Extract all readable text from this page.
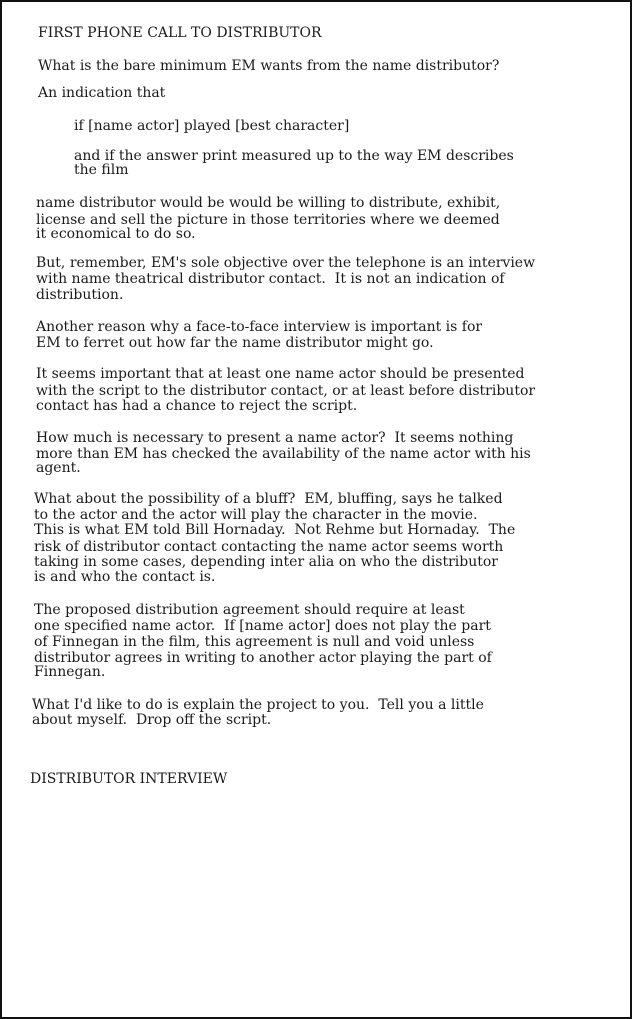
FIRST PHONE CALL TO DISTRIBUTOR
What is the bare minimum EM wants from the name distributor?
An indication that
if [name actor] played [best character]
and if the answer print measured up to the way EM describes
the film
name distributor would be would be willing to distribute, exhibit,
license and sell the picture in those territories where we deemed
it economical to do so.
But, remember, EM's sole objective over the telephone is an interview
with name theatrical distributor contact.  It is not an indication of
distribution.
Another reason why a face-to-face interview is important is for
EM to ferret out how far the name distributor might go.
It seems important that at least one name actor should be presented
with the script to the distributor contact, or at least before distributor
contact has had a chance to reject the script.
How much is necessary to present a name actor?  It seems nothing
more than EM has checked the availability of the name actor with his
agent.
What about the possibility of a bluff?  EM, bluffing, says he talked
to the actor and the actor will play the character in the movie.
This is what EM told Bill Hornaday.  Not Rehme but Hornaday.  The
risk of distributor contact contacting the name actor seems worth
taking in some cases, depending inter alia on who the distributor
is and who the contact is.
The proposed distribution agreement should require at least
one specified name actor.  If [name actor] does not play the part
of Finnegan in the film, this agreement is null and void unless
distributor agrees in writing to another actor playing the part of
Finnegan.
What I'd like to do is explain the project to you.  Tell you a little
about myself.  Drop off the script.
DISTRIBUTOR INTERVIEW
